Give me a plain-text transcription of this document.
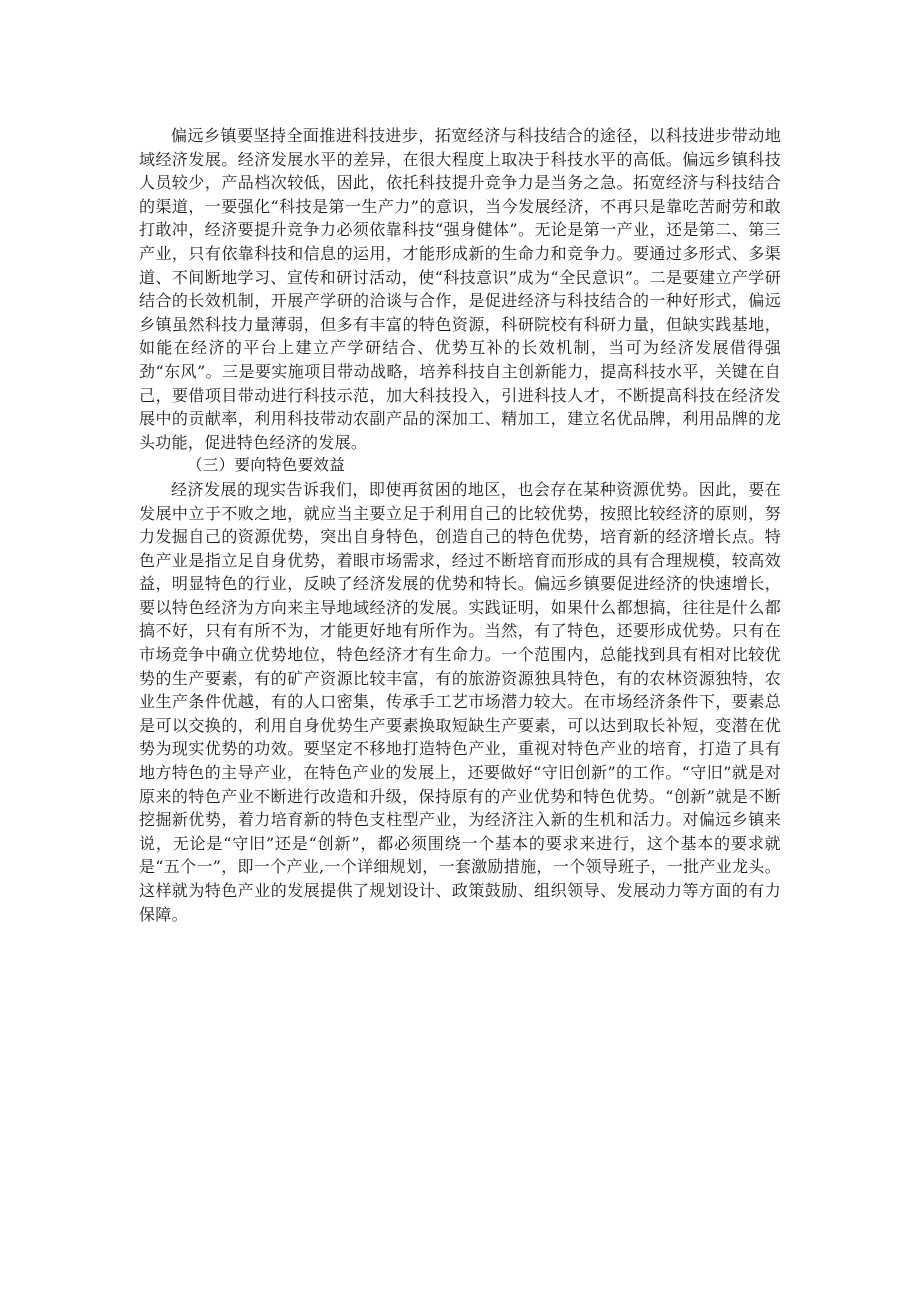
偏远乡镇要坚持全面推进科技进步，拓宽经济与科技结合的途径，以科技进步带动地域经济发展。经济发展水平的差异，在很大程度上取决于科技水平的高低。偏远乡镇科技人员较少，产品档次较低，因此，依托科技提升竞争力是当务之急。拓宽经济与科技结合的渠道，一要强化“科技是第一生产力”的意识，当今发展经济，不再只是靠吃苦耐劳和敢打敢冲，经济要提升竞争力必须依靠科技“强身健体”。无论是第一产业，还是第二、第三产业，只有依靠科技和信息的运用，才能形成新的生命力和竞争力。要通过多形式、多渠道、不间断地学习、宣传和研讨活动，使“科技意识”成为“全民意识”。二是要建立产学研结合的长效机制，开展产学研的洽谈与合作，是促进经济与科技结合的一种好形式，偏远乡镇虽然科技力量薄弱，但多有丰富的特色资源，科研院校有科研力量，但缺实践基地，如能在经济的平台上建立产学研结合、优势互补的长效机制，当可为经济发展借得强劲“东风”。三是要实施项目带动战略，培养科技自主创新能力，提高科技水平，关键在自己，要借项目带动进行科技示范，加大科技投入，引进科技人才，不断提高科技在经济发展中的贡献率，利用科技带动农副产品的深加工、精加工，建立名优品牌，利用品牌的龙头功能，促进特色经济的发展。

（三）要向特色要效益

经济发展的现实告诉我们，即使再贫困的地区，也会存在某种资源优势。因此，要在发展中立于不败之地，就应当主要立足于利用自己的比较优势，按照比较经济的原则，努力发掘自己的资源优势，突出自身特色，创造自己的特色优势，培育新的经济增长点。特色产业是指立足自身优势，着眼市场需求，经过不断培育而形成的具有合理规模，较高效益，明显特色的行业，反映了经济发展的优势和特长。偏远乡镇要促进经济的快速增长，要以特色经济为方向来主导地域经济的发展。实践证明，如果什么都想搞，往往是什么都搞不好，只有有所不为，才能更好地有所作为。当然，有了特色，还要形成优势。只有在市场竞争中确立优势地位，特色经济才有生命力。一个范围内，总能找到具有相对比较优势的生产要素，有的矿产资源比较丰富，有的旅游资源独具特色，有的农林资源独特，农业生产条件优越，有的人口密集，传承手工艺市场潜力较大。在市场经济条件下，要素总是可以交换的，利用自身优势生产要素换取短缺生产要素，可以达到取长补短，变潜在优势为现实优势的功效。要坚定不移地打造特色产业，重视对特色产业的培育，打造了具有地方特色的主导产业，在特色产业的发展上，还要做好“守旧创新”的工作。“守旧”就是对原来的特色产业不断进行改造和升级，保持原有的产业优势和特色优势。“创新”就是不断挖掘新优势，着力培育新的特色支柱型产业，为经济注入新的生机和活力。对偏远乡镇来说，无论是“守旧”还是“创新”，都必须围绕一个基本的要求来进行，这个基本的要求就是“五个一”，即一个产业,一个详细规划，一套激励措施，一个领导班子，一批产业龙头。这样就为特色产业的发展提供了规划设计、政策鼓励、组织领导、发展动力等方面的有力保障。
